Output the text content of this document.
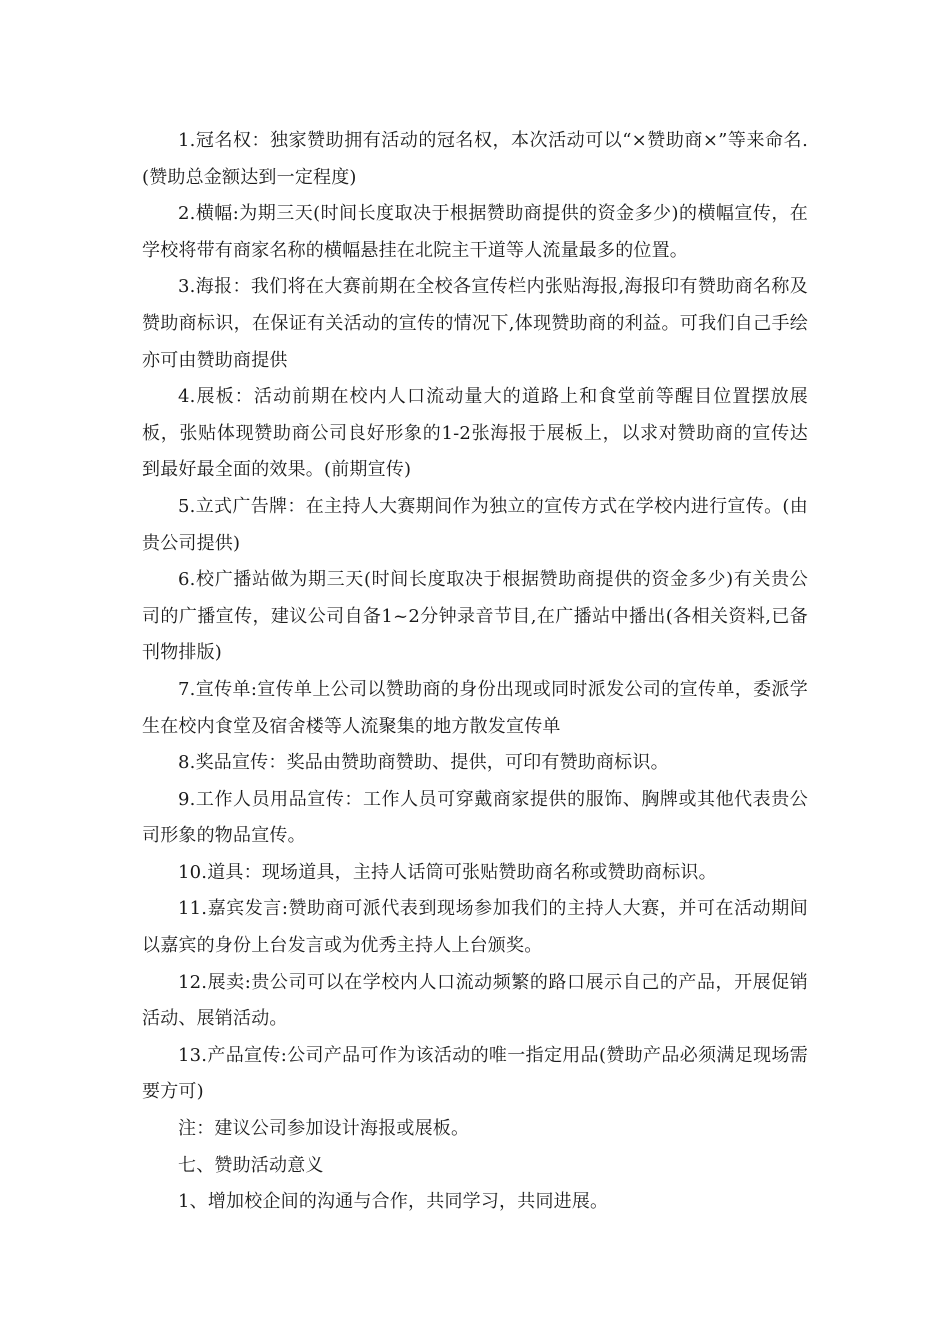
1.冠名权：独家赞助拥有活动的冠名权，本次活动可以“×赞助商×”等来命名.(赞助总金额达到一定程度)

2.横幅:为期三天(时间长度取决于根据赞助商提供的资金多少)的横幅宣传，在学校将带有商家名称的横幅悬挂在北院主干道等人流量最多的位置。

3.海报：我们将在大赛前期在全校各宣传栏内张贴海报,海报印有赞助商名称及赞助商标识，在保证有关活动的宣传的情况下,体现赞助商的利益。可我们自己手绘亦可由赞助商提供

4.展板：活动前期在校内人口流动量大的道路上和食堂前等醒目位置摆放展板，张贴体现赞助商公司良好形象的1-2张海报于展板上，以求对赞助商的宣传达到最好最全面的效果。(前期宣传)

5.立式广告牌：在主持人大赛期间作为独立的宣传方式在学校内进行宣传。(由贵公司提供)

6.校广播站做为期三天(时间长度取决于根据赞助商提供的资金多少)有关贵公司的广播宣传，建议公司自备1~2分钟录音节目,在广播站中播出(各相关资料,已备刊物排版)

7.宣传单:宣传单上公司以赞助商的身份出现或同时派发公司的宣传单，委派学生在校内食堂及宿舍楼等人流聚集的地方散发宣传单

8.奖品宣传：奖品由赞助商赞助、提供，可印有赞助商标识。

9.工作人员用品宣传：工作人员可穿戴商家提供的服饰、胸牌或其他代表贵公司形象的物品宣传。

10.道具：现场道具，主持人话筒可张贴赞助商名称或赞助商标识。

11.嘉宾发言:赞助商可派代表到现场参加我们的主持人大赛，并可在活动期间以嘉宾的身份上台发言或为优秀主持人上台颁奖。

12.展卖:贵公司可以在学校内人口流动频繁的路口展示自己的产品，开展促销活动、展销活动。

13.产品宣传:公司产品可作为该活动的唯一指定用品(赞助产品必须满足现场需要方可)

注：建议公司参加设计海报或展板。

七、赞助活动意义

1、增加校企间的沟通与合作，共同学习，共同进展。
